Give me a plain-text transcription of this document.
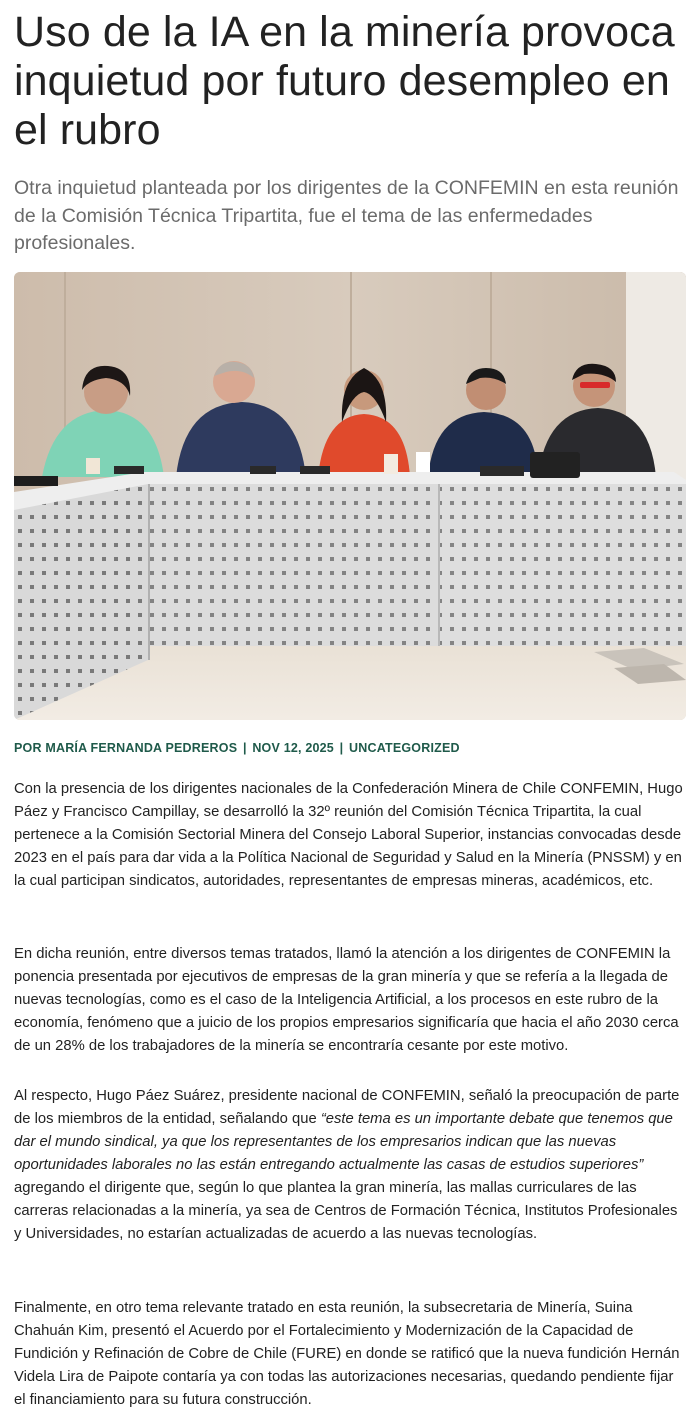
Uso de la IA en la minería provoca inquietud por futuro desempleo en el rubro

Otra inquietud planteada por los dirigentes de la CONFEMIN en esta reunión de la Comisión Técnica Tripartita, fue el tema de las enfermedades profesionales.

POR MARÍA FERNANDA PEDREROS | NOV 12, 2025 | UNCATEGORIZED

Con la presencia de los dirigentes nacionales de la Confederación Minera de Chile CONFEMIN, Hugo Páez y Francisco Campillay, se desarrolló la 32º reunión del Comisión Técnica Tripartita, la cual pertenece a la Comisión Sectorial Minera del Consejo Laboral Superior, instancias convocadas desde 2023 en el país para dar vida a la Política Nacional de Seguridad y Salud en la Minería (PNSSM) y en la cual participan sindicatos, autoridades, representantes de empresas mineras, académicos, etc.

En dicha reunión, entre diversos temas tratados, llamó la atención a los dirigentes de CONFEMIN la ponencia presentada por ejecutivos de empresas de la gran minería y que se refería a la llegada de nuevas tecnologías, como es el caso de la Inteligencia Artificial, a los procesos en este rubro de la economía, fenómeno que a juicio de los propios empresarios significaría que hacia el año 2030 cerca de un 28% de los trabajadores de la minería se encontraría cesante por este motivo.

Al respecto, Hugo Páez Suárez, presidente nacional de CONFEMIN, señaló la preocupación de parte de los miembros de la entidad, señalando que “este tema es un importante debate que tenemos que dar el mundo sindical, ya que los representantes de los empresarios indican que las nuevas oportunidades laborales no las están entregando actualmente las casas de estudios superiores” agregando el dirigente que, según lo que plantea la gran minería, las mallas curriculares de las carreras relacionadas a la minería, ya sea de Centros de Formación Técnica, Institutos Profesionales y Universidades, no estarían actualizadas de acuerdo a las nuevas tecnologías.

Finalmente, en otro tema relevante tratado en esta reunión, la subsecretaria de Minería, Suina Chahuán Kim, presentó el Acuerdo por el Fortalecimiento y Modernización de la Capacidad de Fundición y Refinación de Cobre de Chile (FURE) en donde se ratificó que la nueva fundición Hernán Videla Lira de Paipote contaría ya con todas las autorizaciones necesarias, quedando pendiente fijar el financiamiento para su futura construcción.
